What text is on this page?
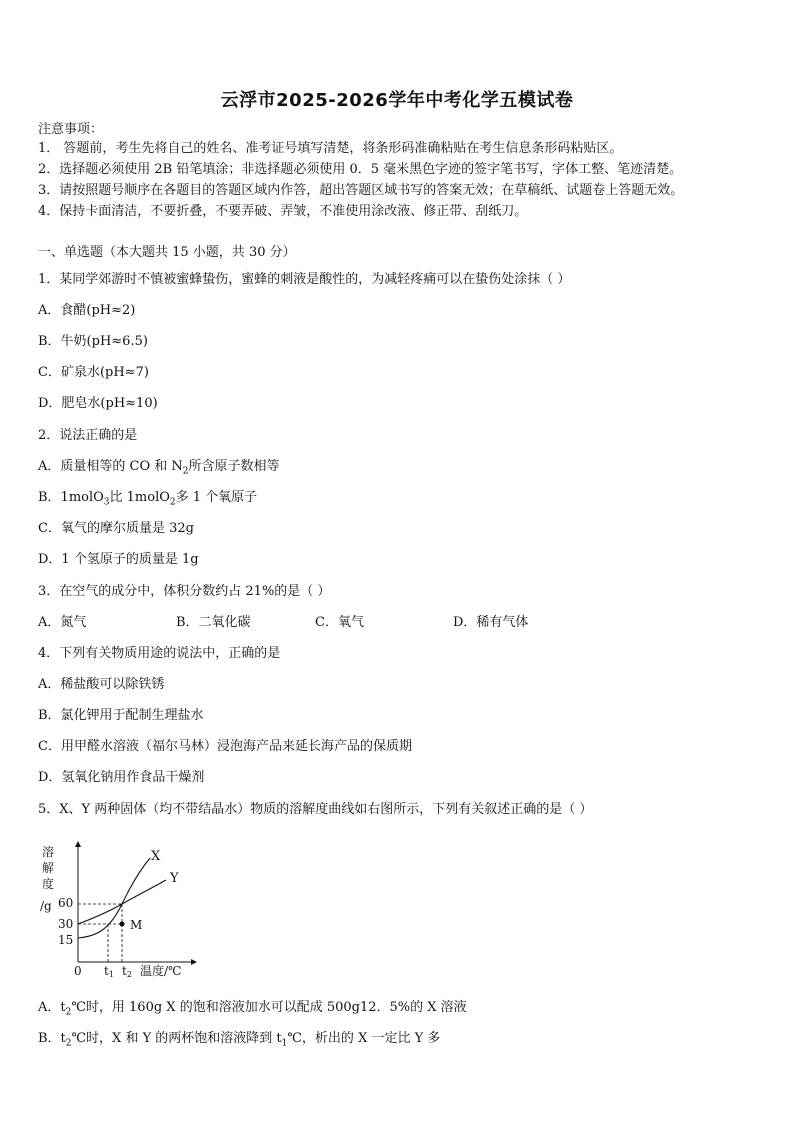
云浮市2025-2026学年中考化学五模试卷
注意事项：
1． 答题前，考生先将自己的姓名、准考证号填写清楚，将条形码准确粘贴在考生信息条形码粘贴区。
2．选择题必须使用 2B 铅笔填涂；非选择题必须使用 0．5 毫米黑色字迹的签字笔书写，字体工整、笔迹清楚。
3．请按照题号顺序在各题目的答题区域内作答，超出答题区域书写的答案无效；在草稿纸、试题卷上答题无效。
4．保持卡面清洁，不要折叠，不要弄破、弄皱，不准使用涂改液、修正带、刮纸刀。
一、单选题（本大题共 15 小题，共 30 分）
1．某同学郊游时不慎被蜜蜂蛰伤，蜜蜂的刺液是酸性的，为减轻疼痛可以在蛰伤处涂抹（ ）
A．食醋(pH≈2)
B．牛奶(pH≈6.5)
C．矿泉水(pH≈7)
D．肥皂水(pH≈10)
2．说法正确的是
A．质量相等的 CO 和 $N_2$所含原子数相等
B．1molO$_3$比 1molO$_2$多 1 个氧原子
C．氧气的摩尔质量是 32g
D．1 个氢原子的质量是 1g
3．在空气的成分中，体积分数约占 21%的是（ ）
A．氮气	B．二氧化碳	C．氧气	D．稀有气体
4．下列有关物质用途的说法中，正确的是
A．稀盐酸可以除铁锈
B．氯化钾用于配制生理盐水
C．用甲醛水溶液（福尔马林）浸泡海产品来延长海产品的保质期
D．氢氧化钠用作食品干燥剂
5．X、Y 两种固体（均不带结晶水）物质的溶解度曲线如右图所示，下列有关叙述正确的是（ ）
溶
解
度
/g 60
30
15
0 t1 t2 温度/℃
M
X
Y
A．$t_2℃$时，用 160g X 的饱和溶液加水可以配成 500g12．5%的 X 溶液
B．$t_2℃$时，X 和 Y 的两杯饱和溶液降到 $t_1℃$，析出的 X 一定比 Y 多
